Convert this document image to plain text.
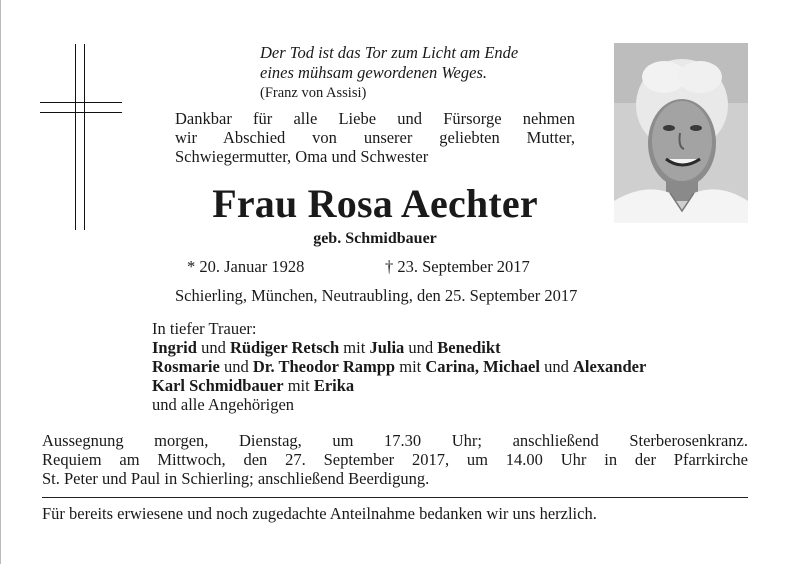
Der Tod ist das Tor zum Licht am Ende
eines mühsam gewordenen Weges.
(Franz von Assisi)
Dankbar für alle Liebe und Fürsorge nehmen
wir Abschied von unserer geliebten Mutter,
Schwiegermutter, Oma und Schwester
Frau Rosa Aechter
geb. Schmidbauer
* 20. Januar 1928	† 23. September 2017
Schierling, München, Neutraubling, den 25. September 2017
In tiefer Trauer:
Ingrid und Rüdiger Retsch mit Julia und Benedikt
Rosmarie und Dr. Theodor Rampp mit Carina, Michael und Alexander
Karl Schmidbauer mit Erika
und alle Angehörigen
Aussegnung morgen, Dienstag, um 17.30 Uhr; anschließend Sterberosenkranz.
Requiem am Mittwoch, den 27. September 2017, um 14.00 Uhr in der Pfarrkirche
St. Peter und Paul in Schierling; anschließend Beerdigung.
Für bereits erwiesene und noch zugedachte Anteilnahme bedanken wir uns herzlich.
